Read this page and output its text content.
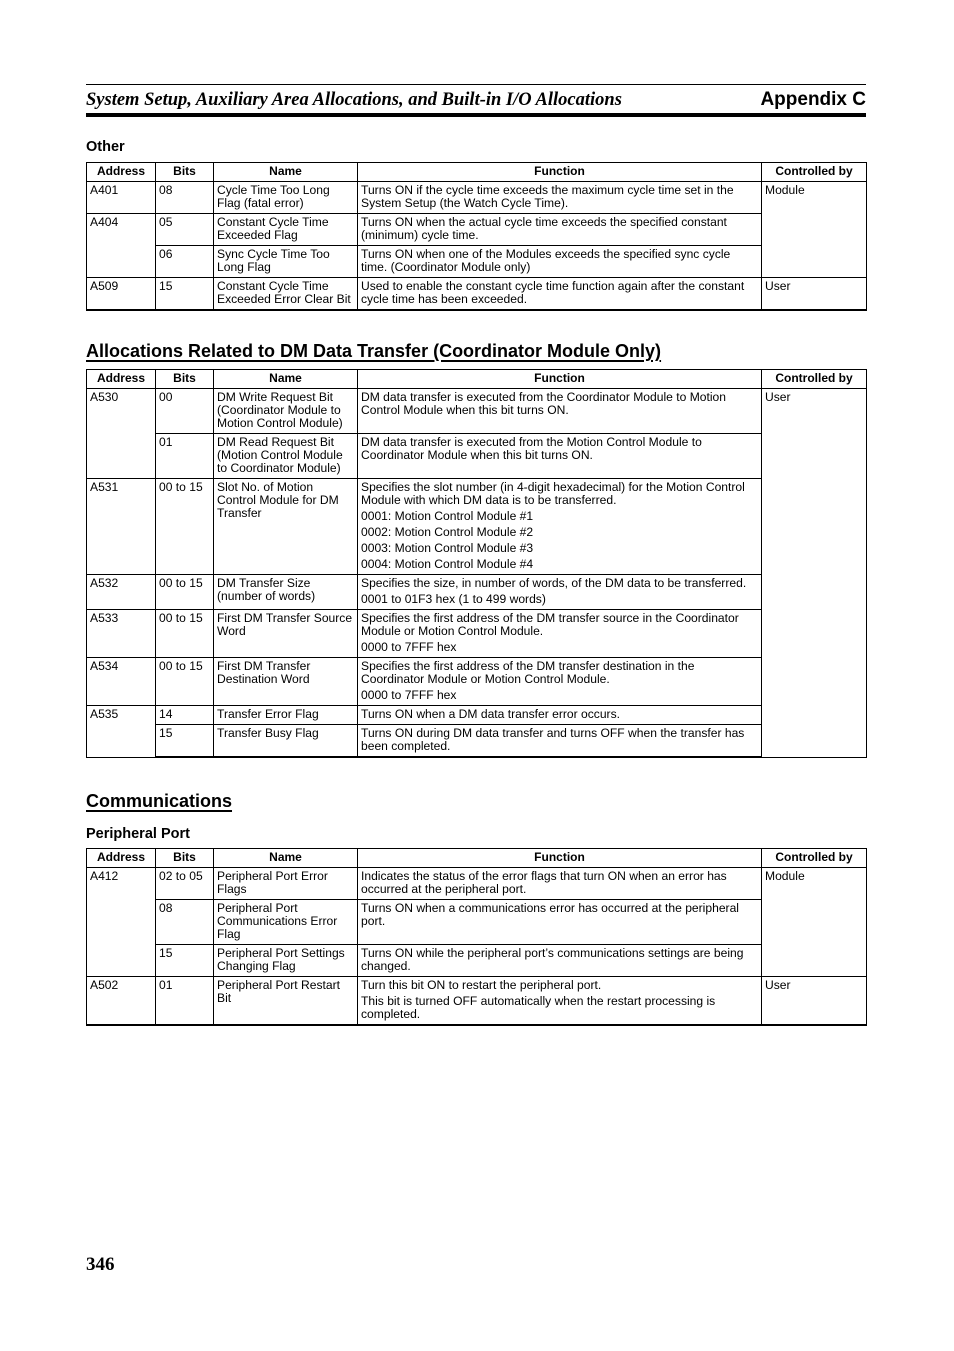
System Setup, Auxiliary Area Allocations, and Built-in I/O Allocations	Appendix C
Other
Address	Bits	Name	Function	Controlled by
A401	08	Cycle Time Too Long Flag (fatal error)	Turns ON if the cycle time exceeds the maximum cycle time set in the System Setup (the Watch Cycle Time).	Module
A404	05	Constant Cycle Time Exceeded Flag	Turns ON when the actual cycle time exceeds the specified constant (minimum) cycle time.	

	06	Sync Cycle Time Too Long Flag	Turns ON when one of the Modules exceeds the specified sync cycle time. (Coordinator Module only)	

A509	15	Constant Cycle Time Exceeded Error Clear Bit	Used to enable the constant cycle time function again after the constant cycle time has been exceeded.	User
Allocations Related to DM Data Transfer (Coordinator Module Only)
Address	Bits	Name	Function	Controlled by
A530	00	DM Write Request Bit (Coordinator Module to Motion Control Module)	DM data transfer is executed from the Coordinator Module to Motion Control Module when this bit turns ON.	User
	01	DM Read Request Bit (Motion Control Module to Coordinator Module)	DM data transfer is executed from the Motion Control Module to Coordinator Module when this bit turns ON.	

A531	00 to 15	Slot No. of Motion Control Module for DM Transfer	Specifies the slot number (in 4-digit hexadecimal) for the Motion Control Module with which DM data is to be transferred.
0001: Motion Control Module #1
0002: Motion Control Module #2
0003: Motion Control Module #3
0004: Motion Control Module #4	

A532	00 to 15	DM Transfer Size (number of words)	Specifies the size, in number of words, of the DM data to be transferred.
0001 to 01F3 hex (1 to 499 words)	

A533	00 to 15	First DM Transfer Source Word	Specifies the first address of the DM transfer source in the Coordinator Module or Motion Control Module.
0000 to 7FFF hex	

A534	00 to 15	First DM Transfer Destination Word	Specifies the first address of the DM transfer destination in the Coordinator Module or Motion Control Module.
0000 to 7FFF hex	

A535	14	Transfer Error Flag	Turns ON when a DM data transfer error occurs.	

	15	Transfer Busy Flag	Turns ON during DM data transfer and turns OFF when the transfer has been completed.	
Communications
Peripheral Port
Address	Bits	Name	Function	Controlled by
A412	02 to 05	Peripheral Port Error Flags	Indicates the status of the error flags that turn ON when an error has occurred at the peripheral port.	Module
	08	Peripheral Port Communications Error Flag	Turns ON when a communications error has occurred at the peripheral port.	

	15	Peripheral Port Settings Changing Flag	Turns ON while the peripheral port’s communications settings are being changed.	

A502	01	Peripheral Port Restart Bit	Turn this bit ON to restart the peripheral port.
This bit is turned OFF automatically when the restart processing is completed.	User
346
